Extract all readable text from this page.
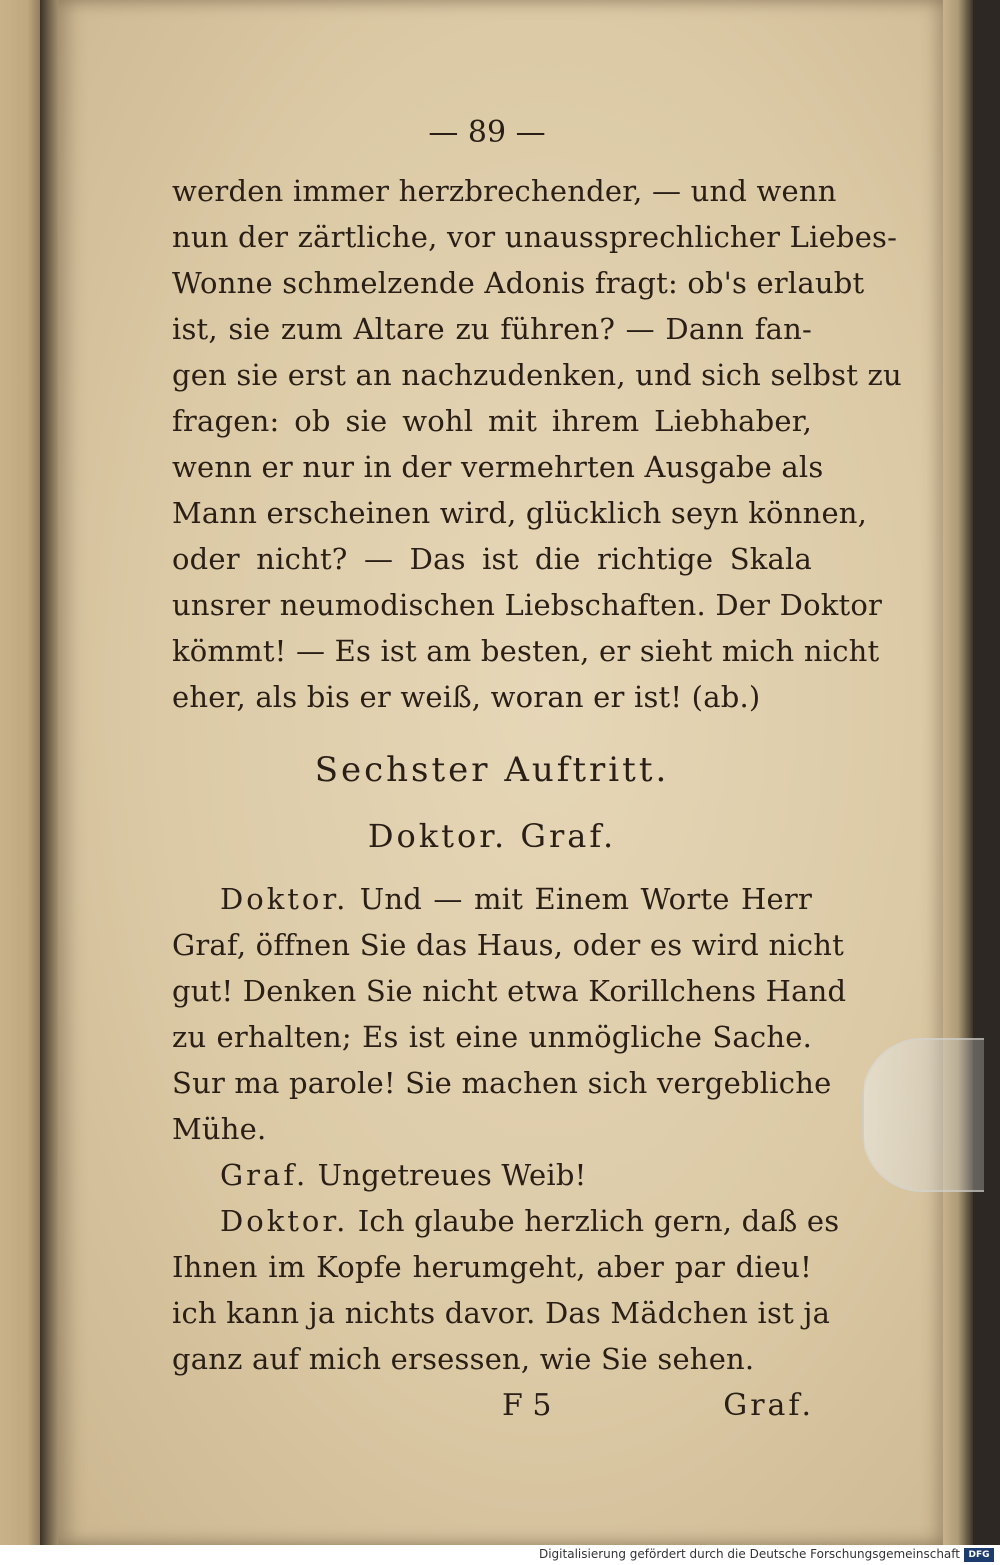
— 89 —
werden immer herzbrechender, — und wenn
nun der zärtliche, vor unaussprechlicher Liebes-
Wonne schmelzende Adonis fragt: ob's erlaubt
ist, sie zum Altare zu führen? — Dann fan-
gen sie erst an nachzudenken, und sich selbst zu
fragen: ob sie wohl mit ihrem Liebhaber,
wenn er nur in der vermehrten Ausgabe als
Mann erscheinen wird, glücklich seyn können,
oder nicht? — Das ist die richtige Skala
unsrer neumodischen Liebschaften. Der Doktor
kömmt! — Es ist am besten, er sieht mich nicht
eher, als bis er weiß, woran er ist! (ab.)
Sechster Auftritt.
Doktor. Graf.
Doktor. Und — mit Einem Worte Herr
Graf, öffnen Sie das Haus, oder es wird nicht
gut! Denken Sie nicht etwa Korillchens Hand
zu erhalten; Es ist eine unmögliche Sache.
Sur ma parole! Sie machen sich vergebliche
Mühe.
Graf. Ungetreues Weib!
Doktor. Ich glaube herzlich gern, daß es
Ihnen im Kopfe herumgeht, aber par dieu!
ich kann ja nichts davor. Das Mädchen ist ja
ganz auf mich ersessen, wie Sie sehen.
F 5	Graf.
Digitalisierung gefördert durch die Deutsche Forschungsgemeinschaft DFG
